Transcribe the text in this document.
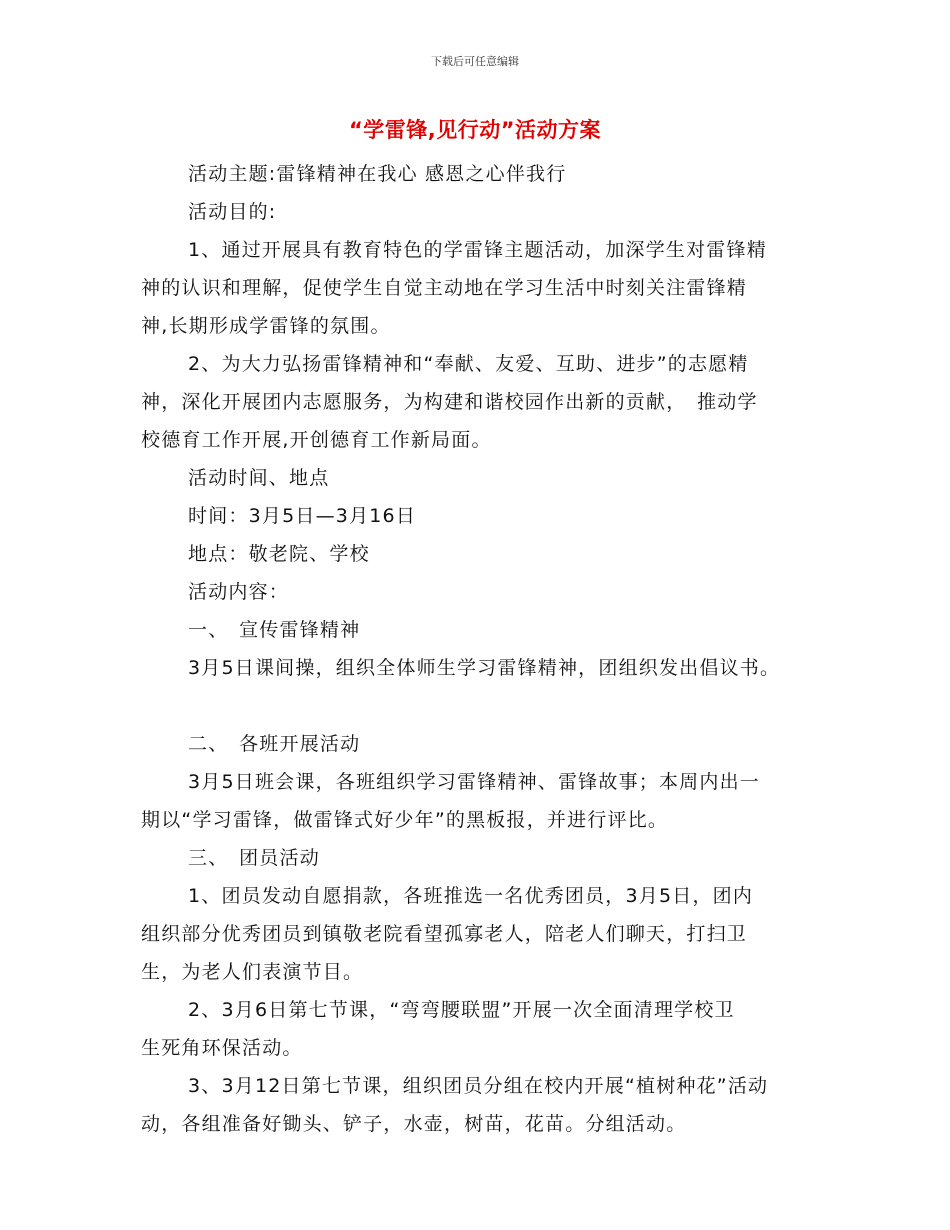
下载后可任意编辑
“学雷锋,见行动”活动方案
活动主题:雷锋精神在我心 感恩之心伴我行
活动目的:
1、通过开展具有教育特色的学雷锋主题活动，加深学生对雷锋精
神的认识和理解，促使学生自觉主动地在学习生活中时刻关注雷锋精
神,长期形成学雷锋的氛围。
2、为大力弘扬雷锋精神和“奉献、友爱、互助、进步”的志愿精
神，深化开展团内志愿服务，为构建和谐校园作出新的贡献，　推动学
校德育工作开展,开创德育工作新局面。
活动时间、地点
时间：3月5日—3月16日
地点：敬老院、学校
活动内容：
一、　宣传雷锋精神
3月5日课间操，组织全体师生学习雷锋精神，团组织发出倡议书。
二、　各班开展活动
3月5日班会课，各班组织学习雷锋精神、雷锋故事；本周内出一
期以“学习雷锋，做雷锋式好少年”的黑板报，并进行评比。
三、　团员活动
1、团员发动自愿捐款，各班推选一名优秀团员，3月5日，团内
组织部分优秀团员到镇敬老院看望孤寡老人，陪老人们聊天，打扫卫
生，为老人们表演节目。
2、3月6日第七节课，“弯弯腰联盟”开展一次全面清理学校卫
生死角环保活动。
3、3月12日第七节课，组织团员分组在校内开展“植树种花”活动
动，各组准备好锄头、铲子，水壶，树苗，花苗。分组活动。
